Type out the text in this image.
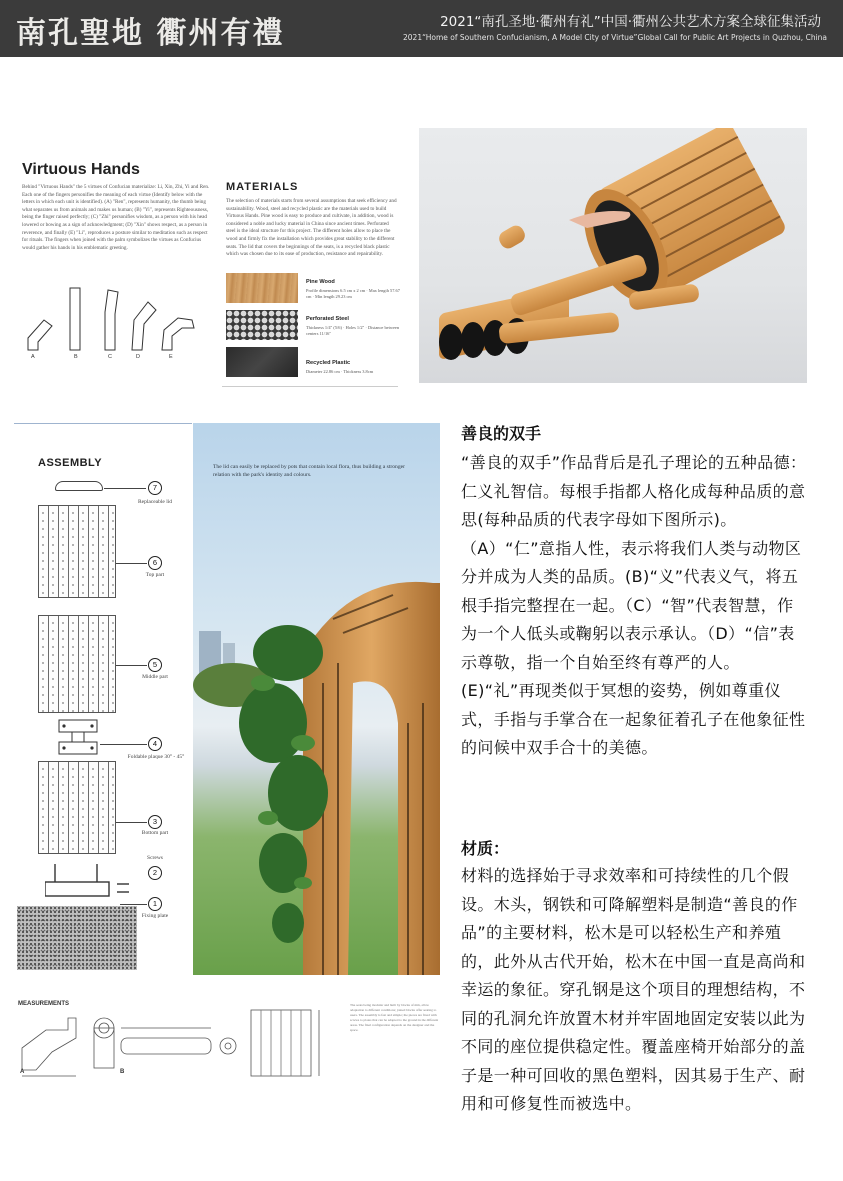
南孔聖地 衢州有禮	2021“南孔圣地·衢州有礼”中国·衢州公共艺术方案全球征集活动
2021“Home of Southern Confucianism, A Model City of Virtue”Global Call for Public Art Projects in Quzhou, China
Virtuous Hands
Behind "Virtuous Hands" the 5 virtues of Confucian materialize: Li, Xin, Zhi, Yi and Ren. Each one of the fingers personifies the meaning of each virtue (Identify below with the letters in which each unit is identified). (A) "Ren", represents humanity, the thumb being what separates us from animals and makes us human; (B) "Yi", represents Righteousness, being the finger raised perfectly; (C) "Zhi" personifies wisdom, as a person with his head lowered or bowing as a sign of acknowledgment; (D) "Xin" shows respect, as a person in reverence, and finally (E) "Li", reproduces a posture similar to meditation such as respect for rituals. The fingers when joined with the palm symbolizes the virtues as Confucius would gather his hands in his emblematic greeting.
A	B	C	D	E
MATERIALS
The selection of materials starts from several assumptions that seek efficiency and sustainability. Wood, steel and recycled plastic are the materials used to build Virtuous Hands. Pine wood is easy to produce and cultivate, in addition, wood is considered a noble and lucky material in China since ancient times. Perforated steel is the ideal structure for this project. The different holes allow to place the wood and firmly fix the installation which provides great stability to the different seats. The lid that covers the beginnings of the seats, is a recycled black plastic which was chosen due to its ease of production, resistance and repairability.
Pine Wood
Profile dimensions 6.5 cm x 2 cm · Max length 57.67 cm · Min length 29.23 cm
Perforated Steel
Thickness 1/4" (5/6) · Holes 1/2" · Distance between centers 11/16"
Recycled Plastic
Diameter 22.86 cm · Thickness 3.8cm
ASSEMBLY
7
Replaceable lid
6
Top part
5
Middle part
4
Foldable plaque 30° - 45°
3
Bottom part
Screws
2
1
Fixing plate
The lid can easily be replaced by pots that contain local flora, thus building a stronger relation with the park's identity and colours.
MEASUREMENTS
A	B
The seats being modular and built by blocks of mm, allow adaptation to different conditions; joined blocks offer seating to users. The assembly is fast and simple; the pieces are fixed with screws to plates that can be adapted to the ground in the different areas. The final configuration depends on the designer and the space.
善良的双手
“善良的双手”作品背后是孔子理论的五种品德：仁义礼智信。每根手指都人格化成每种品质的意思(每种品质的代表字母如下图所示)。（A）“仁”意指人性，表示将我们人类与动物区分并成为人类的品质。(B)“义”代表义气，将五根手指完整捏在一起。（C）“智”代表智慧，作为一个人低头或鞠躬以表示承认。（D）“信”表示尊敬，指一个自始至终有尊严的人。(E)“礼”再现类似于冥想的姿势，例如尊重仪式，手指与手掌合在一起象征着孔子在他象征性的问候中双手合十的美德。
材质：
材料的选择始于寻求效率和可持续性的几个假设。木头，钢铁和可降解塑料是制造“善良的作品”的主要材料，松木是可以轻松生产和养殖的，此外从古代开始，松木在中国一直是高尚和幸运的象征。穿孔钢是这个项目的理想结构，不同的孔洞允许放置木材并牢固地固定安装以此为不同的座位提供稳定性。覆盖座椅开始部分的盖子是一种可回收的黑色塑料，因其易于生产、耐用和可修复性而被选中。
